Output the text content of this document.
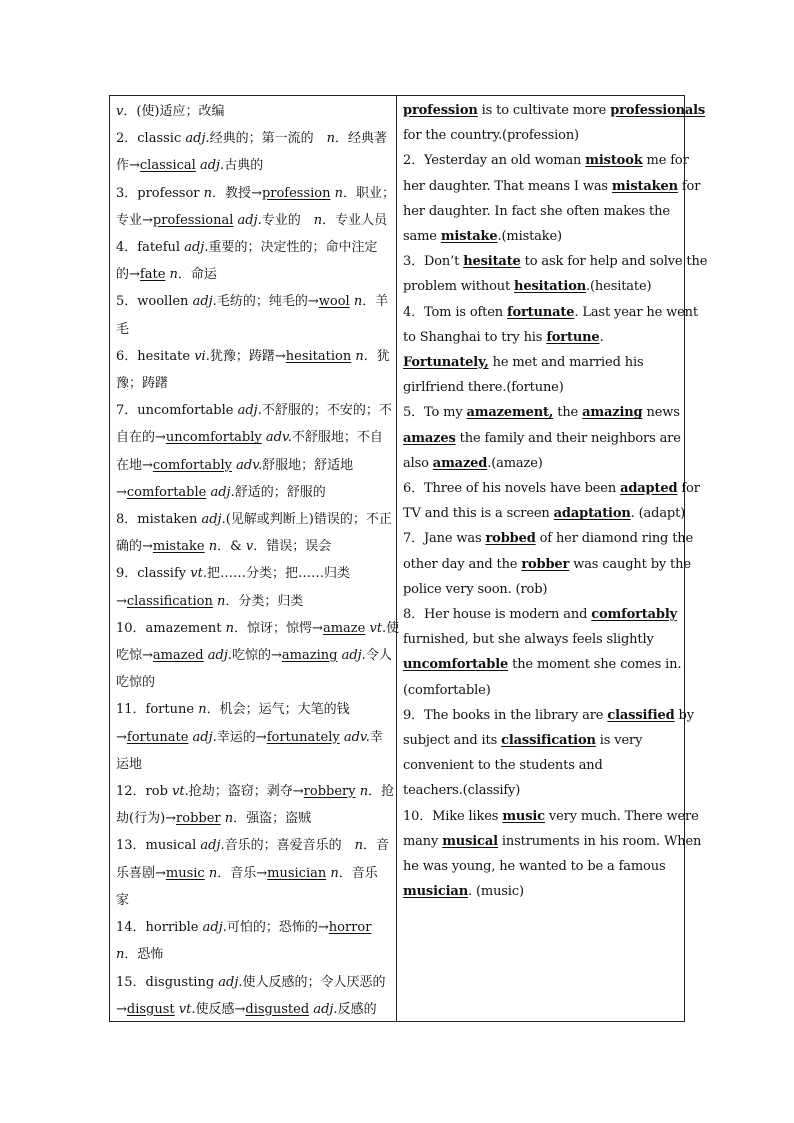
v．(使)适应；改编
2．classic adj.经典的；第一流的　n．经典著
作→classical adj.古典的
3．professor n．教授→profession n．职业；
专业→professional adj.专业的　n．专业人员
4．fateful adj.重要的；决定性的；命中注定
的→fate n．命运
5．woollen adj.毛纺的；纯毛的→wool n．羊
毛
6．hesitate vi.犹豫；踌躇→hesitation n．犹
豫；踌躇
7．uncomfortable adj.不舒服的；不安的；不
自在的→uncomfortably adv.不舒服地；不自
在地→comfortably adv.舒服地；舒适地
→comfortable adj.舒适的；舒服的
8．mistaken adj.(见解或判断上)错误的；不正
确的→mistake n．& v．错误；误会
9．classify vt.把……分类；把……归类
→classification n．分类；归类
10．amazement n．惊讶；惊愕→amaze vt.使
吃惊→amazed adj.吃惊的→amazing adj.令人
吃惊的
11．fortune n．机会；运气；大笔的钱
→fortunate adj.幸运的→fortunately adv.幸
运地
12．rob vt.抢劫；盗窃；剥夺→robbery n．抢
劫(行为)→robber n．强盗；盗贼
13．musical adj.音乐的；喜爱音乐的　n．音
乐喜剧→music n．音乐→musician n．音乐
家
14．horrible adj.可怕的；恐怖的→horror
n．恐怖
15．disgusting adj.使人反感的；令人厌恶的
→disgust vt.使反感→disgusted adj.反感的
profession is to cultivate more professionals
for the country.(profession)
2．Yesterday an old woman mistook me for
her daughter. That means I was mistaken for
her daughter. In fact she often makes the
same mistake.(mistake)
3．Don’t hesitate to ask for help and solve the
problem without hesitation.(hesitate)
4．Tom is often fortunate. Last year he went
to Shanghai to try his fortune.
Fortunately, he met and married his
girlfriend there.(fortune)
5．To my amazement, the amazing news
amazes the family and their neighbors are
also amazed.(amaze)
6．Three of his novels have been adapted for
TV and this is a screen adaptation. (adapt)
7．Jane was robbed of her diamond ring the
other day and the robber was caught by the
police very soon. (rob)
8．Her house is modern and comfortably
furnished, but she always feels slightly
uncomfortable the moment she comes in.
(comfortable)
9．The books in the library are classified by
subject and its classification is very
convenient to the students and
teachers.(classify)
10．Mike likes music very much. There were
many musical instruments in his room. When
he was young, he wanted to be a famous
musician. (music)
